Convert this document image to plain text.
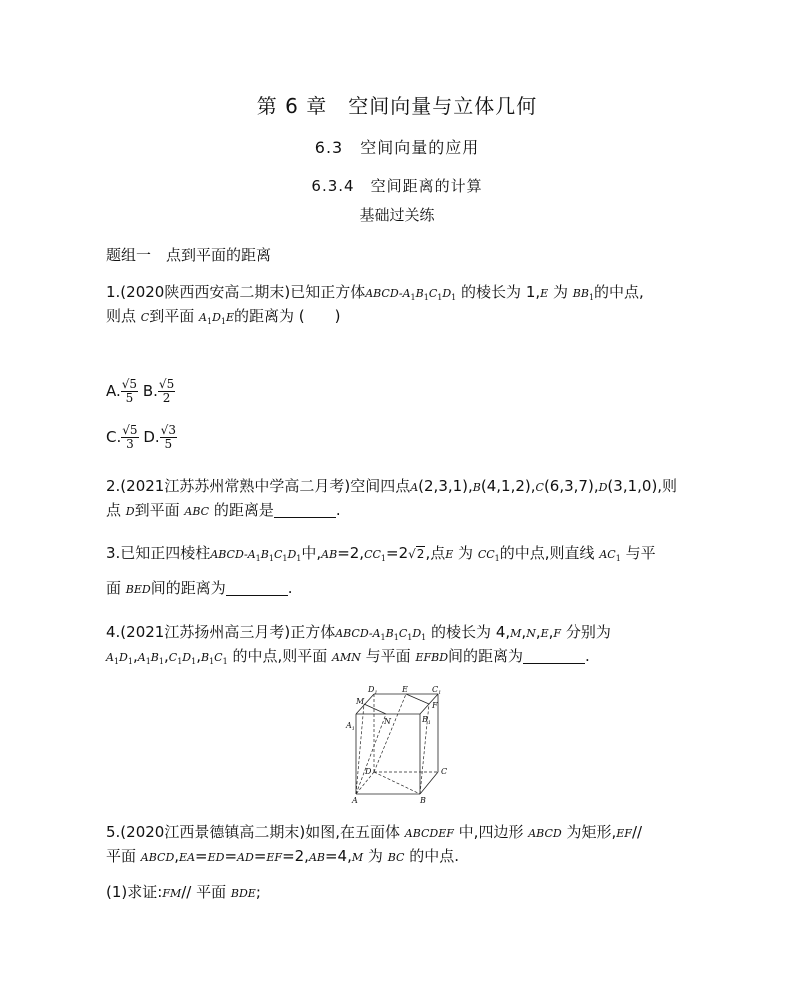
第 6 章　空间向量与立体几何
6.3　空间向量的应用
6.3.4　空间距离的计算
基础过关练
题组一　点到平面的距离
1.(2020陕西西安高二期末)已知正方体ABCD-$A_1B_1C_1D_1$ 的棱长为 1,E 为 $BB_1$的中点,
则点 C到平面 $A_1D_1E$的距离为 (　　)
A. $\frac{√5}{5} B$. $\frac{√5}{2}$
C. $\frac{√5}{3} D$. $\frac{√3}{5}$
2.(2021江苏苏州常熟中学高二月考)空间四点A(2,3,1),B(4,1,2),C(6,3,7),D(3,1,0),则
点 D到平面 ABC 的距离是	.
3.已知正四棱柱ABCD-$A_1B_1C_1D_1$中$,AB=2,CC_1=2√2$,点E 为 $CC_1$的中点,则直线 $AC_1$ 与平
面 BED间的距离为	.
4.(2021江苏扬州高三月考)正方体ABCD-$A_1B_1C_1D_1$ 的棱长为 4,M,N,E,F 分别为
$A_1D_1,A_1B_1,C_1D_1,B_1C_1$ 的中点,则平面 AMN 与平面 EFBD间的距离为	.
$D_1$	E	$C_1$
M
N	$B_1$
F
$A_1$
D	C
A	B
5.(2020江西景德镇高二期末)如图,在五面体 ABCDEF 中,四边形 ABCD 为矩形,EF//
平面 ABCD,EA=ED=AD=EF=2,AB=4,M 为 BC 的中点.
(1)求证:FM// 平面 BDE;
